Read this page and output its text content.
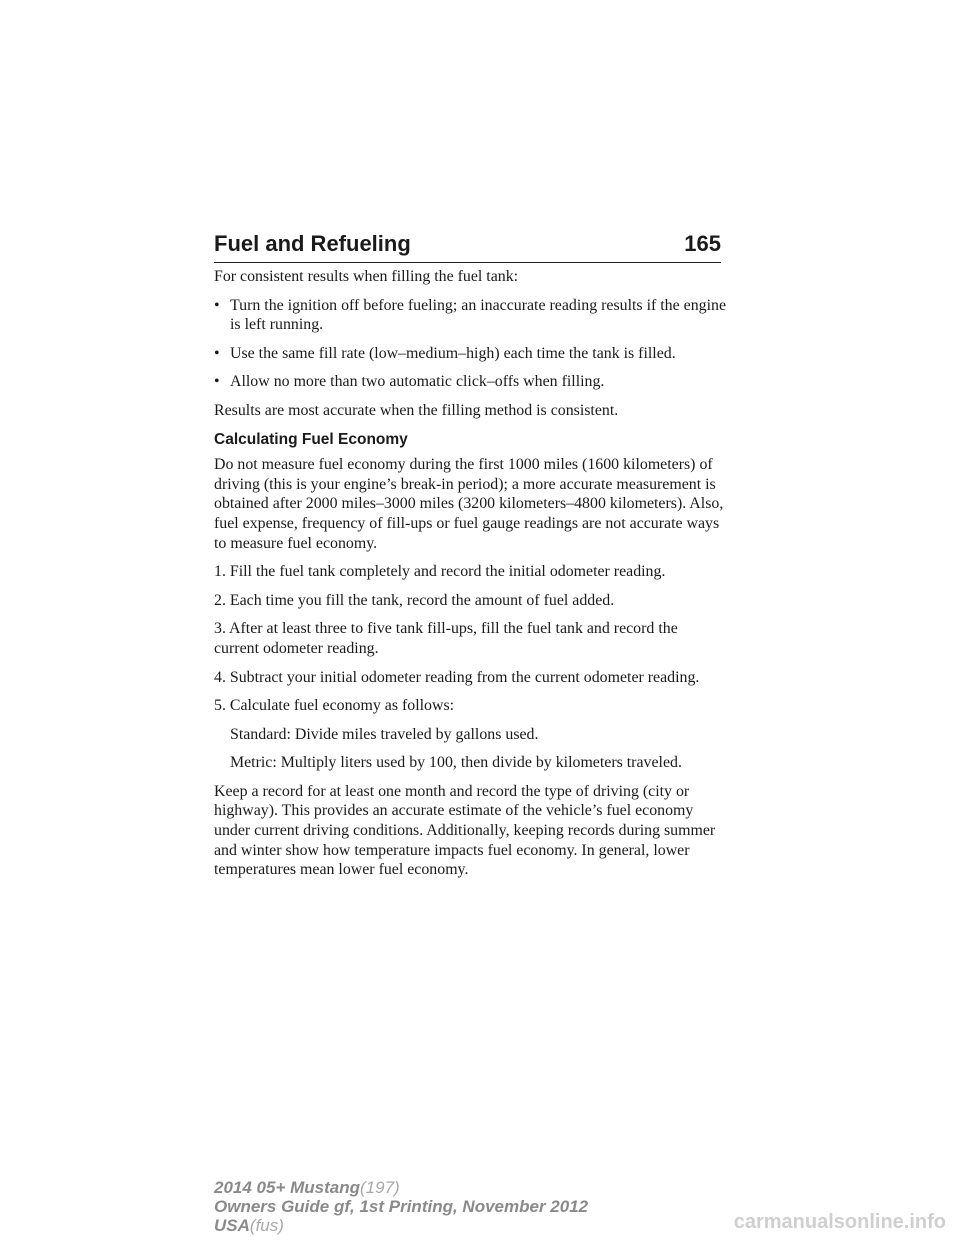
Fuel and Refueling	165

For consistent results when filling the fuel tank:

• Turn the ignition off before fueling; an inaccurate reading results if the engine is left running.
• Use the same fill rate (low–medium–high) each time the tank is filled.
• Allow no more than two automatic click–offs when filling.

Results are most accurate when the filling method is consistent.

Calculating Fuel Economy

Do not measure fuel economy during the first 1000 miles (1600 kilometers) of driving (this is your engine’s break-in period); a more accurate measurement is obtained after 2000 miles–3000 miles (3200 kilometers–4800 kilometers). Also, fuel expense, frequency of fill-ups or fuel gauge readings are not accurate ways to measure fuel economy.

1. Fill the fuel tank completely and record the initial odometer reading.

2. Each time you fill the tank, record the amount of fuel added.

3. After at least three to five tank fill-ups, fill the fuel tank and record the current odometer reading.

4. Subtract your initial odometer reading from the current odometer reading.

5. Calculate fuel economy as follows:

Standard: Divide miles traveled by gallons used.

Metric: Multiply liters used by 100, then divide by kilometers traveled.

Keep a record for at least one month and record the type of driving (city or highway). This provides an accurate estimate of the vehicle’s fuel economy under current driving conditions. Additionally, keeping records during summer and winter show how temperature impacts fuel economy. In general, lower temperatures mean lower fuel economy.

2014 05+ Mustang(197)
Owners Guide gf, 1st Printing, November 2012
USA(fus)	carmanualsonline.info
